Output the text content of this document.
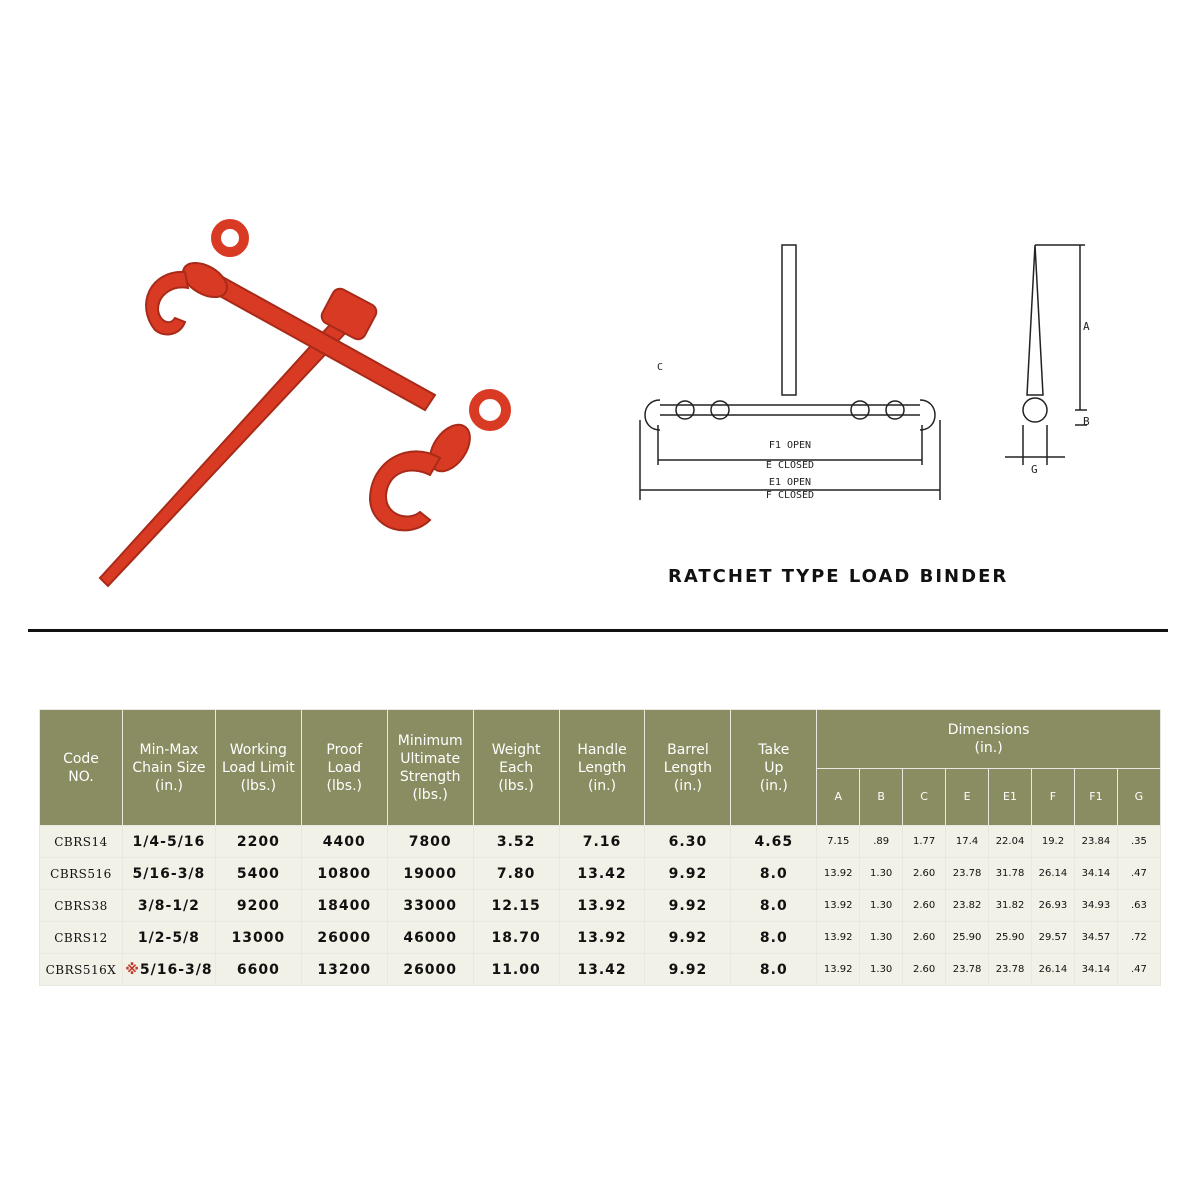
C
F1 OPEN
E CLOSED
E1 OPEN
F CLOSED
A
B
G
RATCHET TYPE LOAD BINDER
Code
NO.	Min-Max
Chain Size
(in.)	Working
Load Limit
(lbs.)	Proof
Load
(lbs.)	Minimum
Ultimate
Strength
(lbs.)	Weight
Each
(lbs.)	Handle
Length
(in.)	Barrel
Length
(in.)	Take
Up
(in.)	Dimensions
(in.)							
									A	B	C	E	E1	F	F1	G
CBRS14	1/4-5/16	2200	4400	7800	3.52	7.16	6.30	4.65	7.15	.89	1.77	17.4	22.04	19.2	23.84	.35
CBRS516	5/16-3/8	5400	10800	19000	7.80	13.42	9.92	8.0	13.92	1.30	2.60	23.78	31.78	26.14	34.14	.47
CBRS38	3/8-1/2	9200	18400	33000	12.15	13.92	9.92	8.0	13.92	1.30	2.60	23.82	31.82	26.93	34.93	.63
CBRS12	1/2-5/8	13000	26000	46000	18.70	13.92	9.92	8.0	13.92	1.30	2.60	25.90	25.90	29.57	34.57	.72
CBRS516X	※5/16-3/8	6600	13200	26000	11.00	13.42	9.92	8.0	13.92	1.30	2.60	23.78	23.78	26.14	34.14	.47
